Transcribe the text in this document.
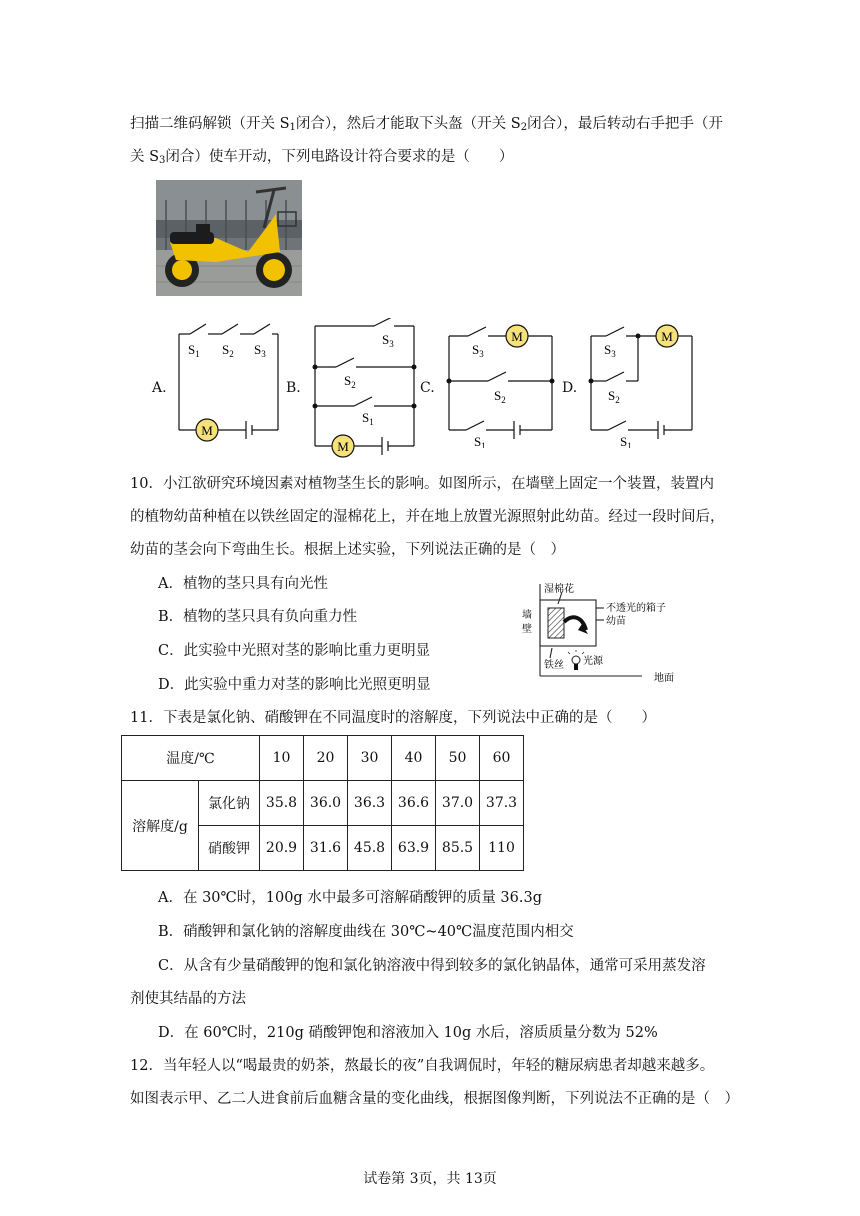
扫描二维码解锁（开关 $S_1$闭合），然后才能取下头盔（开关 $S_2$闭合），最后转动右手把手（开
关 $S_3$闭合）使车开动，下列电路设计符合要求的是（　　）
M
$S_1$ $S_2$ $S_3$
A.
M
$S_3$
$S_2$
$S_1$
B.
M
$S_3$
$S_2$
$S_1$
C.
M
$S_3$
$S_2$
$S_1$
D.
10．小江欲研究环境因素对植物茎生长的影响。如图所示，在墙壁上固定一个装置，装置内
的植物幼苗种植在以铁丝固定的湿棉花上，并在地上放置光源照射此幼苗。经过一段时间后，
幼苗的茎会向下弯曲生长。根据上述实验，下列说法正确的是（　）
A．植物的茎只具有向光性
B．植物的茎只具有负向重力性
C．此实验中光照对茎的影响比重力更明显
D．此实验中重力对茎的影响比光照更明显
湿棉花
不透光的箱子
幼苗
墙
壁
铁丝 光源
地面
11．下表是氯化钠、硝酸钾在不同温度时的溶解度，下列说法中正确的是（　　）
温度/℃		10	20	30	40	50	60
溶解度/g	氯化钠	35.8	36.0	36.3	36.6	37.0	37.3
	硝酸钾	20.9	31.6	45.8	63.9	85.5	110
A．在 30℃时，100g 水中最多可溶解硝酸钾的质量 36.3g
B．硝酸钾和氯化钠的溶解度曲线在 30℃~40℃温度范围内相交
C．从含有少量硝酸钾的饱和氯化钠溶液中得到较多的氯化钠晶体，通常可采用蒸发溶
剂使其结晶的方法
D．在 60℃时，210g 硝酸钾饱和溶液加入 10g 水后，溶质质量分数为 52%
12．当年轻人以“喝最贵的奶茶，熬最长的夜”自我调侃时，年轻的糖尿病患者却越来越多。
如图表示甲、乙二人进食前后血糖含量的变化曲线，根据图像判断，下列说法不正确的是（　）
试卷第 3页，共 13页
